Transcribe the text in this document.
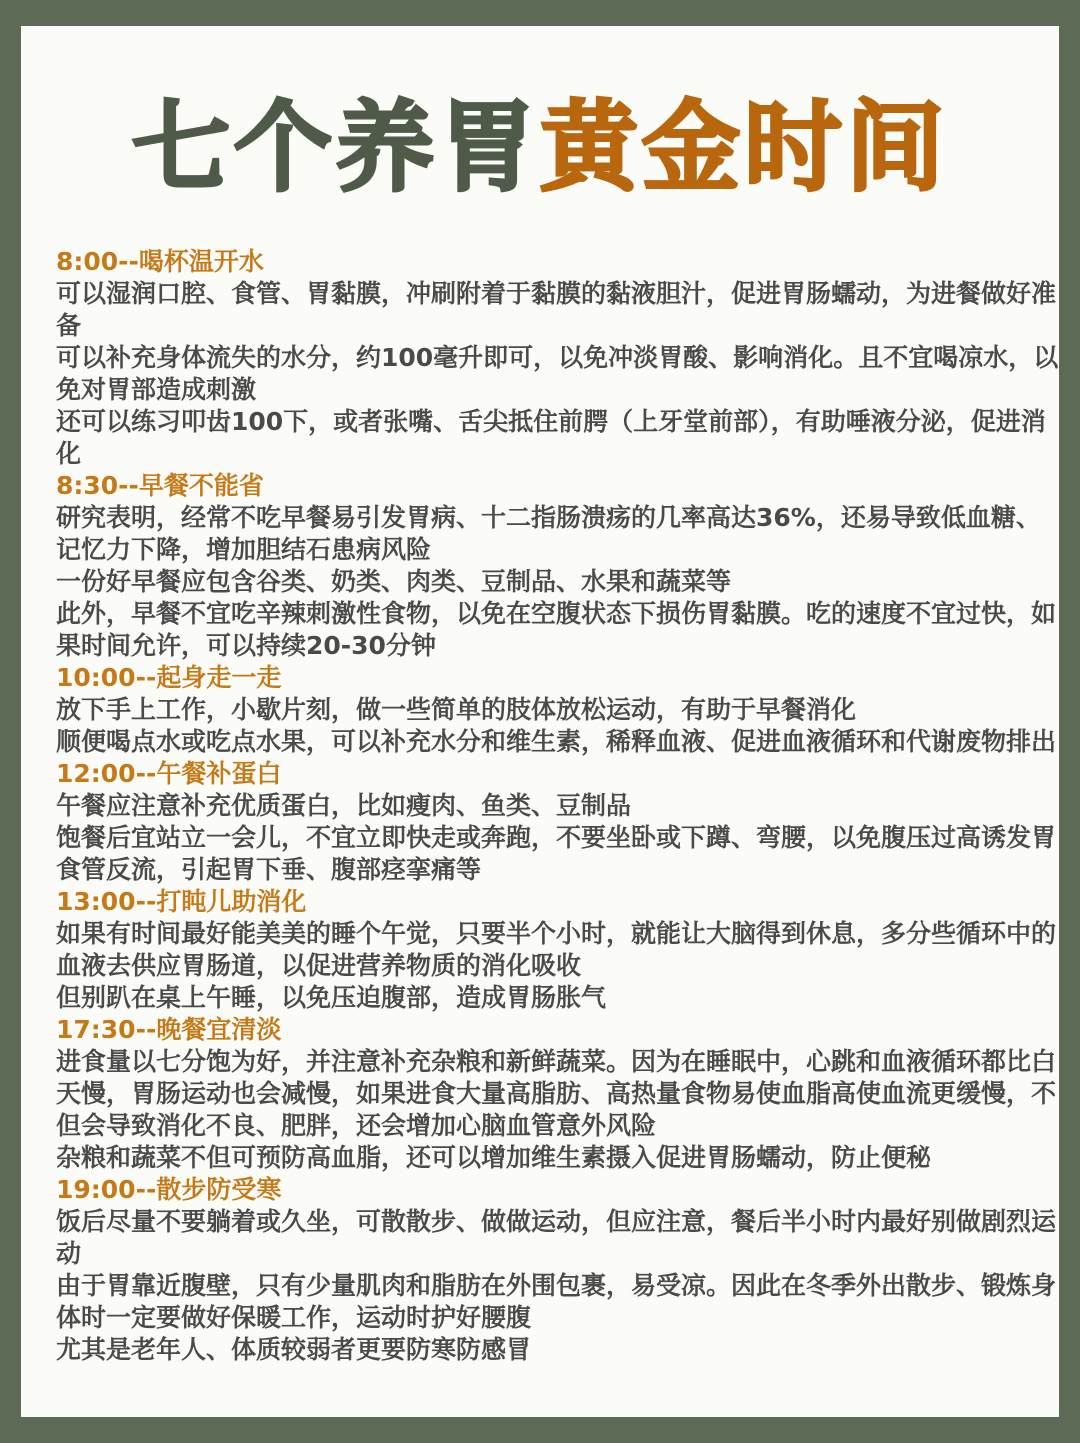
七个养胃黄金时间
8:00--喝杯温开水
可以湿润口腔、食管、胃黏膜，冲刷附着于黏膜的黏液胆汁，促进胃肠蠕动，为进餐做好准备
可以补充身体流失的水分，约100毫升即可，以免冲淡胃酸、影响消化。且不宜喝凉水，以免对胃部造成刺激
还可以练习叩齿100下，或者张嘴、舌尖抵住前腭（上牙堂前部），有助唾液分泌，促进消化
8:30--早餐不能省
研究表明，经常不吃早餐易引发胃病、十二指肠溃疡的几率高达36%，还易导致低血糖、记忆力下降，增加胆结石患病风险
一份好早餐应包含谷类、奶类、肉类、豆制品、水果和蔬菜等
此外，早餐不宜吃辛辣刺激性食物，以免在空腹状态下损伤胃黏膜。吃的速度不宜过快，如果时间允许，可以持续20-30分钟
10:00--起身走一走
放下手上工作，小歇片刻，做一些简单的肢体放松运动，有助于早餐消化
顺便喝点水或吃点水果，可以补充水分和维生素，稀释血液、促进血液循环和代谢废物排出
12:00--午餐补蛋白
午餐应注意补充优质蛋白，比如瘦肉、鱼类、豆制品
饱餐后宜站立一会儿，不宜立即快走或奔跑，不要坐卧或下蹲、弯腰，以免腹压过高诱发胃食管反流，引起胃下垂、腹部痉挛痛等
13:00--打盹儿助消化
如果有时间最好能美美的睡个午觉，只要半个小时，就能让大脑得到休息，多分些循环中的血液去供应胃肠道，以促进营养物质的消化吸收
但别趴在桌上午睡，以免压迫腹部，造成胃肠胀气
17:30--晚餐宜清淡
进食量以七分饱为好，并注意补充杂粮和新鲜蔬菜。因为在睡眠中，心跳和血液循环都比白天慢，胃肠运动也会减慢，如果进食大量高脂肪、高热量食物易使血脂高使血流更缓慢，不但会导致消化不良、肥胖，还会增加心脑血管意外风险
杂粮和蔬菜不但可预防高血脂，还可以增加维生素摄入促进胃肠蠕动，防止便秘
19:00--散步防受寒
饭后尽量不要躺着或久坐，可散散步、做做运动，但应注意，餐后半小时内最好别做剧烈运动
由于胃靠近腹壁，只有少量肌肉和脂肪在外围包裹，易受凉。因此在冬季外出散步、锻炼身体时一定要做好保暖工作，运动时护好腰腹
尤其是老年人、体质较弱者更要防寒防感冒
